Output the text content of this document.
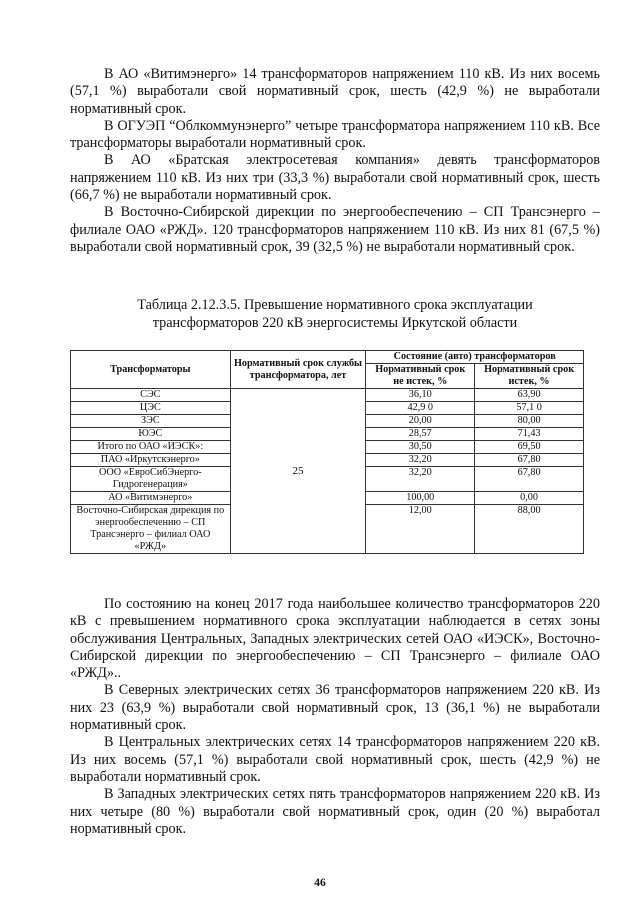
В АО «Витимэнерго» 14 трансформаторов напряжением 110 кВ. Из них восемь (57,1 %) выработали свой нормативный срок, шесть (42,9 %) не выработали нормативный срок.

В ОГУЭП “Облкоммунэнерго” четыре трансформатора напряжением 110 кВ. Все трансформаторы выработали нормативный срок.

В АО «Братская электросетевая компания» девять трансформаторов напряжением 110 кВ. Из них три (33,3 %) выработали свой нормативный срок, шесть (66,7 %) не выработали нормативный срок.

В Восточно-Сибирской дирекции по энергообеспечению – СП Трансэнерго – филиале ОАО «РЖД». 120 трансформаторов напряжением 110 кВ. Из них 81 (67,5 %) выработали свой нормативный срок, 39 (32,5 %) не выработали нормативный срок.

Таблица 2.12.3.5. Превышение нормативного срока эксплуатации
трансформаторов 220 кВ энергосистемы Иркутской области
Трансформаторы	Нормативный срок службы трансформатора, лет	Состояние (авто) трансформаторов	
		Нормативный срок не истек, %	Нормативный срок истек, %
СЭС	25	36,10	63,90
ЦЭС		42,9 0	57,1 0
ЗЭС		20,00	80,00
ЮЭС		28,57	71,43
Итого по ОАО «ИЭСК»:		30,50	69,50
ПАО «Иркутскэнерго»		32,20	67,80
ООО «ЕвроСибЭнерго-Гидрогенерация»		32,20	67,80
АО «Витимэнерго»		100,00	0,00
Восточно-Сибирская дирекция по энергообеспечению – СП Трансэнерго – филиал ОАО «РЖД»		12,00	88,00

По состоянию на конец 2017 года наибольшее количество трансформаторов 220 кВ с превышением нормативного срока эксплуатации наблюдается в сетях зоны обслуживания Центральных, Западных электрических сетей ОАО «ИЭСК», Восточно-Сибирской дирекции по энергообеспечению – СП Трансэнерго – филиале ОАО «РЖД»..

В Северных электрических сетях 36 трансформаторов напряжением 220 кВ. Из них 23 (63,9 %) выработали свой нормативный срок, 13 (36,1 %) не выработали нормативный срок.

В Центральных электрических сетях 14 трансформаторов напряжением 220 кВ. Из них восемь (57,1 %) выработали свой нормативный срок, шесть (42,9 %) не выработали нормативный срок.

В Западных электрических сетях пять трансформаторов напряжением 220 кВ. Из них четыре (80 %) выработали свой нормативный срок, один (20 %) выработал нормативный срок.

46
